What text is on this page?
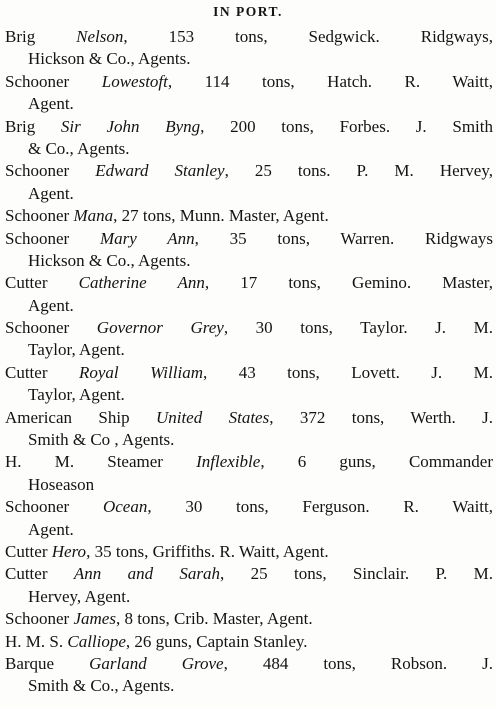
IN PORT.
Brig Nelson, 153 tons, Sedgwick. Ridgways,
Hickson & Co., Agents.
Schooner Lowestoft, 114 tons, Hatch. R. Waitt,
Agent.
Brig Sir John Byng, 200 tons, Forbes. J. Smith
& Co., Agents.
Schooner Edward Stanley, 25 tons. P. M. Hervey,
Agent.
Schooner Mana, 27 tons, Munn. Master, Agent.
Schooner Mary Ann, 35 tons, Warren. Ridgways
Hickson & Co., Agents.
Cutter Catherine Ann, 17 tons, Gemino. Master,
Agent.
Schooner Governor Grey, 30 tons, Taylor. J. M.
Taylor, Agent.
Cutter Royal William, 43 tons, Lovett. J. M.
Taylor, Agent.
American Ship United States, 372 tons, Werth. J.
Smith & Co , Agents.
H. M. Steamer Inflexible, 6 guns, Commander
Hoseason
Schooner Ocean, 30 tons, Ferguson. R. Waitt,
Agent.
Cutter Hero, 35 tons, Griffiths. R. Waitt, Agent.
Cutter Ann and Sarah, 25 tons, Sinclair. P. M.
Hervey, Agent.
Schooner James, 8 tons, Crib. Master, Agent.
H. M. S. Calliope, 26 guns, Captain Stanley.
Barque Garland Grove, 484 tons, Robson. J.
Smith & Co., Agents.
